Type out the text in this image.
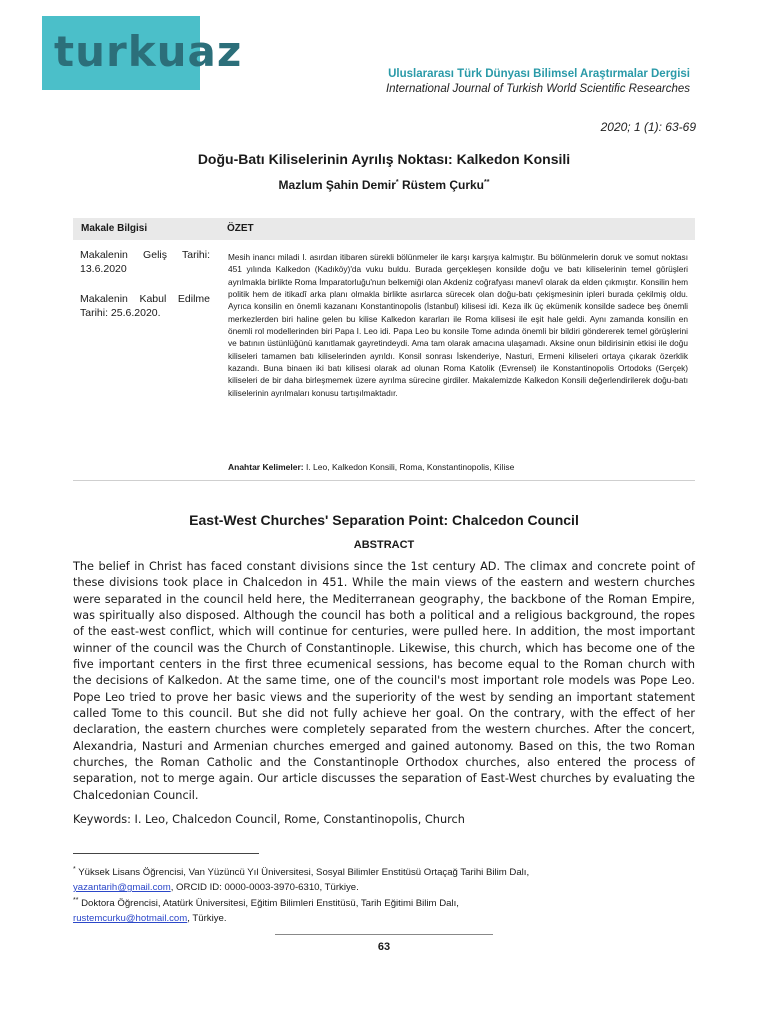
turkuaz	Uluslararası Türk Dünyası Bilimsel Araştırmalar Dergisi
International Journal of Turkish World Scientific Researches
2020; 1 (1): 63-69
Doğu-Batı Kiliselerinin Ayrılış Noktası: Kalkedon Konsili
Mazlum Şahin Demir* Rüstem Çurku**
Makale Bilgisi	ÖZET
Makalenin Geliş Tarihi: 13.6.2020
Makalenin Kabul Edilme Tarihi: 25.6.2020.

Mesih inancı miladi I. asırdan itibaren sürekli bölünmeler ile karşı karşıya kalmıştır. Bu bölünmelerin doruk ve somut noktası 451 yılında Kalkedon (Kadıköy)'da vuku buldu. Burada gerçekleşen konsilde doğu ve batı kiliselerinin temel görüşleri ayrılmakla birlikte Roma İmparatorluğu'nun belkemiği olan Akdeniz coğrafyası manevî olarak da elden çıkmıştır. Konsilin hem politik hem de itikadî arka planı olmakla birlikte asırlarca sürecek olan doğu-batı çekişmesinin ipleri burada çekilmiş oldu. Ayrıca konsilin en önemli kazananı Konstantinopolis (İstanbul) kilisesi idi. Keza ilk üç ekümenik konsilde sadece beş önemli merkezlerden biri haline gelen bu kilise Kalkedon kararları ile Roma kilisesi ile eşit hale geldi. Aynı zamanda konsilin en önemli rol modellerinden biri Papa I. Leo idi. Papa Leo bu konsile Tome adında önemli bir bildiri göndererek temel görüşlerini ve batının üstünlüğünü kanıtlamak gayretindeydi. Ama tam olarak amacına ulaşamadı. Aksine onun bildirisinin etkisi ile doğu kiliseleri tamamen batı kiliselerinden ayrıldı. Konsil sonrası İskenderiye, Nasturi, Ermeni kiliseleri ortaya çıkarak özerklik kazandı. Buna binaen iki batı kilisesi olarak ad olunan Roma Katolik (Evrensel) ile Konstantinopolis Ortodoks (Gerçek) kiliseleri de bir daha birleşmemek üzere ayrılma sürecine girdiler. Makalemizde Kalkedon Konsili değerlendirilerek doğu-batı kiliselerinin ayrılmaları konusu tartışılmaktadır.

Anahtar Kelimeler: I. Leo, Kalkedon Konsili, Roma, Konstantinopolis, Kilise
East-West Churches' Separation Point: Chalcedon Council
ABSTRACT

The belief in Christ has faced constant divisions since the 1st century AD. The climax and concrete point of these divisions took place in Chalcedon in 451. While the main views of the eastern and western churches were separated in the council held here, the Mediterranean geography, the backbone of the Roman Empire, was spiritually also disposed. Although the council has both a political and a religious background, the ropes of the east-west conflict, which will continue for centuries, were pulled here. In addition, the most important winner of the council was the Church of Constantinople. Likewise, this church, which has become one of the five important centers in the first three ecumenical sessions, has become equal to the Roman church with the decisions of Kalkedon. At the same time, one of the council's most important role models was Pope Leo. Pope Leo tried to prove her basic views and the superiority of the west by sending an important statement called Tome to this council. But she did not fully achieve her goal. On the contrary, with the effect of her declaration, the eastern churches were completely separated from the western churches. After the concert, Alexandria, Nasturi and Armenian churches emerged and gained autonomy. Based on this, the two Roman churches, the Roman Catholic and the Constantinople Orthodox churches, also entered the process of separation, not to merge again. Our article discusses the separation of East-West churches by evaluating the Chalcedonian Council.

Keywords: I. Leo, Chalcedon Council, Rome, Constantinopolis, Church
* Yüksek Lisans Öğrencisi, Van Yüzüncü Yıl Üniversitesi, Sosyal Bilimler Enstitüsü Ortaçağ Tarihi Bilim Dalı,
yazantarih@gmail.com, ORCID ID: 0000-0003-3970-6310, Türkiye.
** Doktora Öğrencisi, Atatürk Üniversitesi, Eğitim Bilimleri Enstitüsü, Tarih Eğitimi Bilim Dalı,
rustemcurku@hotmail.com, Türkiye.
63
